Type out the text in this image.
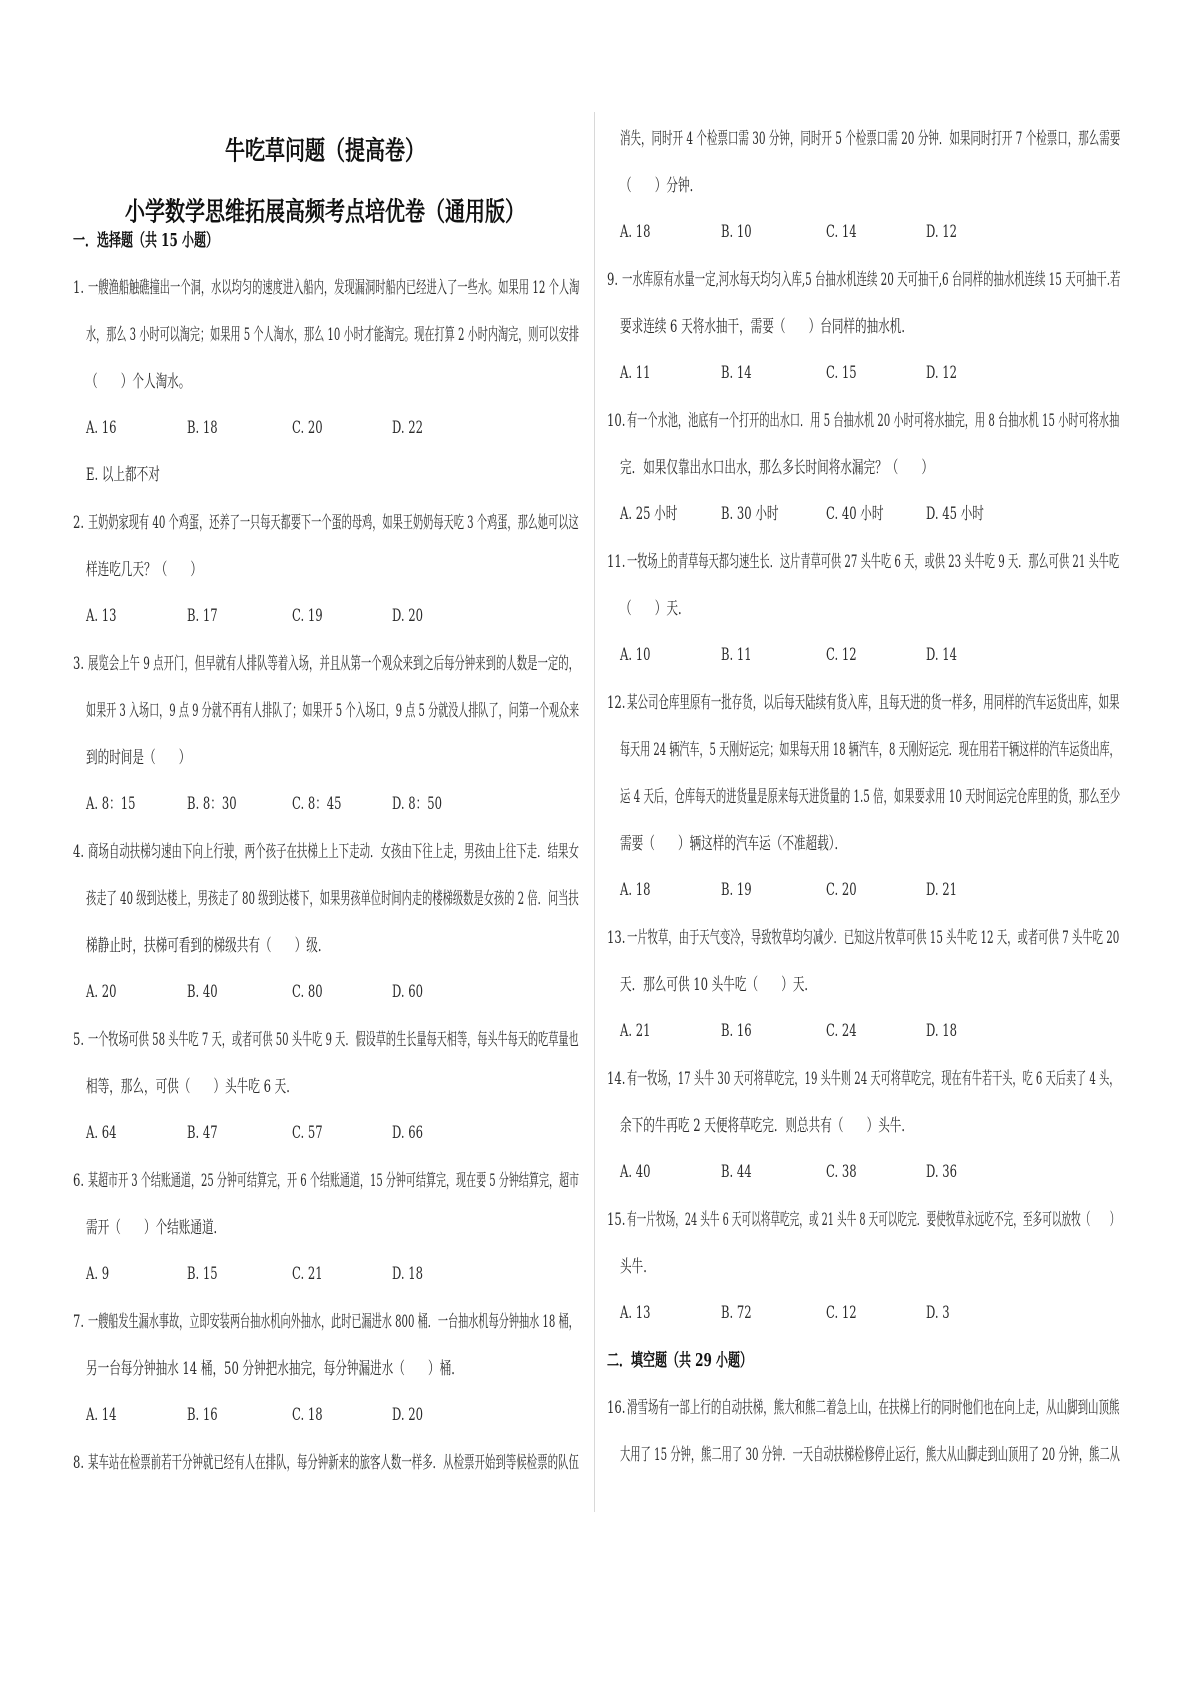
牛吃草问题（提高卷）
小学数学思维拓展高频考点培优卷（通用版）
一．选择题（共 15 小题）
1. 一艘渔船触礁撞出一个洞，水以均匀的速度进入船内，发现漏洞时船内已经进入了一些水。如果用 12 个人淘
水，那么 3 小时可以淘完；如果用 5 个人淘水，那么 10 小时才能淘完。现在打算 2 小时内淘完，则可以安排
（　　）个人淘水。
A. 16	B. 18	C. 20	D. 22
E. 以上都不对
2. 王奶奶家现有 40 个鸡蛋，还养了一只每天都要下一个蛋的母鸡，如果王奶奶每天吃 3 个鸡蛋，那么她可以这
样连吃几天？（　　）
A. 13	B. 17	C. 19	D. 20
3. 展览会上午 9 点开门，但早就有人排队等着入场，并且从第一个观众来到之后每分钟来到的人数是一定的，
如果开 3 入场口，9 点 9 分就不再有人排队了；如果开 5 个入场口，9 点 5 分就没人排队了，问第一个观众来
到的时间是（　　）
A. 8：15	B. 8：30	C. 8：45	D. 8：50
4. 商场自动扶梯匀速由下向上行驶，两个孩子在扶梯上上下走动．女孩由下往上走，男孩由上往下走．结果女
孩走了 40 级到达楼上，男孩走了 80 级到达楼下，如果男孩单位时间内走的楼梯级数是女孩的 2 倍．问当扶
梯静止时，扶梯可看到的梯级共有（　　）级．
A. 20	B. 40	C. 80	D. 60
5. 一个牧场可供 58 头牛吃 7 天，或者可供 50 头牛吃 9 天．假设草的生长量每天相等，每头牛每天的吃草量也
相等，那么，可供（　　）头牛吃 6 天．
A. 64	B. 47	C. 57	D. 66
6. 某超市开 3 个结账通道，25 分钟可结算完，开 6 个结账通道，15 分钟可结算完，现在要 5 分钟结算完，超市
需开（　　）个结账通道．
A. 9	B. 15	C. 21	D. 18
7. 一艘船发生漏水事故，立即安装两台抽水机向外抽水，此时已漏进水 800 桶．一台抽水机每分钟抽水 18 桶，
另一台每分钟抽水 14 桶，50 分钟把水抽完，每分钟漏进水（　　）桶．
A. 14	B. 16	C. 18	D. 20
8. 某车站在检票前若干分钟就已经有人在排队，每分钟新来的旅客人数一样多．从检票开始到等候检票的队伍
消失，同时开 4 个检票口需 30 分钟，同时开 5 个检票口需 20 分钟．如果同时打开 7 个检票口，那么需要
（　　）分钟．
A. 18	B. 10	C. 14	D. 12
9. 一水库原有水量一定,河水每天均匀入库,5 台抽水机连续 20 天可抽干,6 台同样的抽水机连续 15 天可抽干.若
要求连续 6 天将水抽干，需要（　　）台同样的抽水机．
A. 11	B. 14	C. 15	D. 12
10. 有一个水池，池底有一个打开的出水口．用 5 台抽水机 20 小时可将水抽完，用 8 台抽水机 15 小时可将水抽
完．如果仅靠出水口出水，那么多长时间将水漏完？（　　）
A. 25 小时	B. 30 小时	C. 40 小时	D. 45 小时
11. 一牧场上的青草每天都匀速生长．这片青草可供 27 头牛吃 6 天，或供 23 头牛吃 9 天．那么可供 21 头牛吃
（　　）天．
A. 10	B. 11	C. 12	D. 14
12. 某公司仓库里原有一批存货，以后每天陆续有货入库，且每天进的货一样多，用同样的汽车运货出库，如果
每天用 24 辆汽车，5 天刚好运完；如果每天用 18 辆汽车，8 天刚好运完．现在用若干辆这样的汽车运货出库，
运 4 天后，仓库每天的进货量是原来每天进货量的 1.5 倍，如果要求用 10 天时间运完仓库里的货，那么至少
需要（　　）辆这样的汽车运（不准超载）．
A. 18	B. 19	C. 20	D. 21
13. 一片牧草，由于天气变冷，导致牧草均匀减少．已知这片牧草可供 15 头牛吃 12 天，或者可供 7 头牛吃 20
天．那么可供 10 头牛吃（　　）天．
A. 21	B. 16	C. 24	D. 18
14. 有一牧场，17 头牛 30 天可将草吃完，19 头牛则 24 天可将草吃完，现在有牛若干头，吃 6 天后卖了 4 头，
余下的牛再吃 2 天便将草吃完．则总共有（　　）头牛．
A. 40	B. 44	C. 38	D. 36
15. 有一片牧场，24 头牛 6 天可以将草吃完，或 21 头牛 8 天可以吃完．要使牧草永远吃不完，至多可以放牧（　　）
头牛．
A. 13	B. 72	C. 12	D. 3
二．填空题（共 29 小题）
16. 滑雪场有一部上行的自动扶梯，熊大和熊二着急上山，在扶梯上行的同时他们也在向上走，从山脚到山顶熊
大用了 15 分钟，熊二用了 30 分钟．一天自动扶梯检修停止运行，熊大从山脚走到山顶用了 20 分钟，熊二从
